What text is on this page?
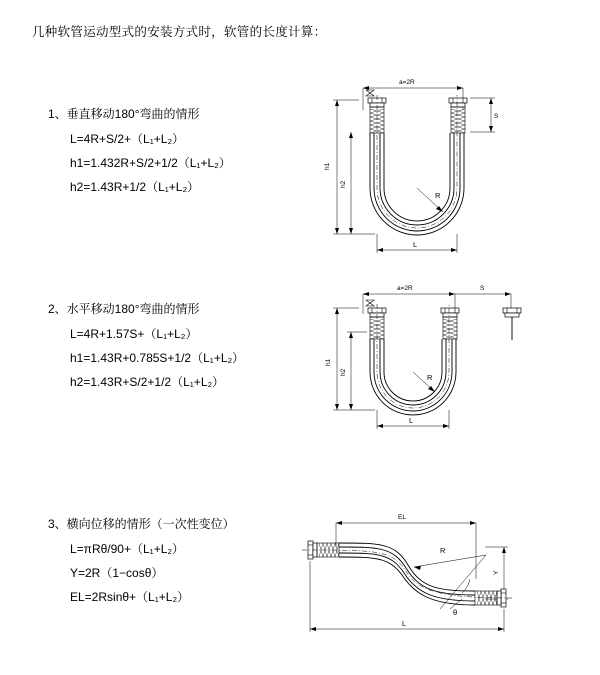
几种软管运动型式的安装方式时，软管的长度计算：
1、垂直移动180°弯曲的情形
L=4R+S/2+（L₁+L₂）
h1=1.432R+S/2+1/2（L₁+L₂）
h2=1.43R+1/2（L₁+L₂）
a=2R
S
h1
h2
R
L
2、水平移动180°弯曲的情形
L=4R+1.57S+（L₁+L₂）
h1=1.43R+0.785S+1/2（L₁+L₂）
h2=1.43R+S/2+1/2（L₁+L₂）
a=2R	S
h1
h2
R
L
3、横向位移的情形（一次性变位）
L=πRθ/90+（L₁+L₂）
Y=2R（1−cosθ）
EL=2Rsinθ+（L₁+L₂）
EL
Y
R
θ
L
